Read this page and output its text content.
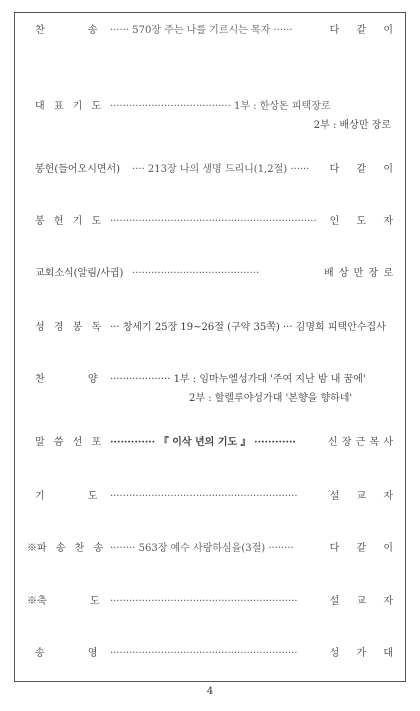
찬 송	······ 570장 주는 나를 기르시는 목자 ······	다 같 이
대 표 기 도 ······································ 1부 : 한상돈 피택장로
2부 : 배상만 장로
봉헌(들어오시면서)	···· 213장 나의 생명 드리니(1,2절) ······ 다 같 이
봉 헌 기 도 ································································· 인 도 자
교회소식(알림/사귐) ········································	배 상 만 장 로
성 경 봉 독 ··· 창세기 25장 19~26절 (구약 35쪽) ··· 김명희 피택안수집사
찬 양	··················· 1부 : 임마누엘성가대 '주여 지난 밤 내 꿈에'
2부 : 할렐루야성가대 '본향을 향하네'
말 씀 선 포 ············· 『 이삭 년의 기도 』 ············	신 장 근 목 사
기 도	···························································	설 교 자
※파 송 찬 송 ········ 563장 예수 사랑하심을(3절) ········	다 같 이
※축 도	···························································	설 교 자
송 영	···························································	성 가 대
4
